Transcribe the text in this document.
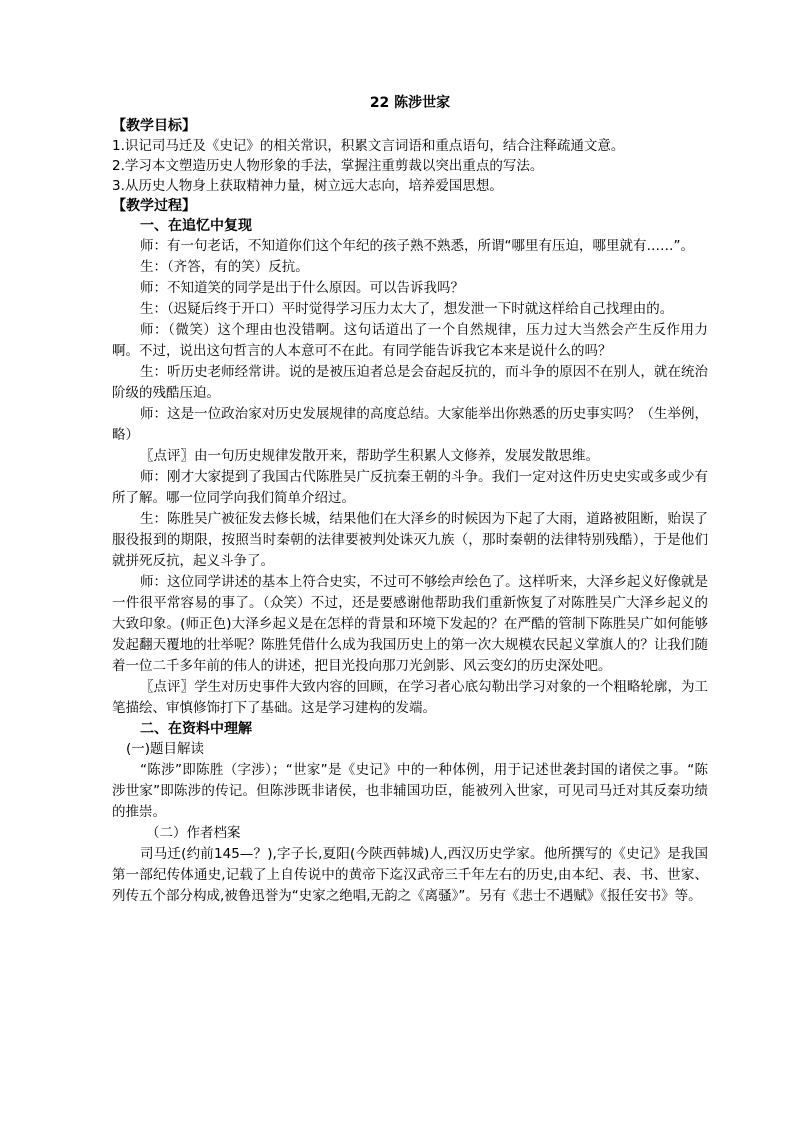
22 陈涉世家

【教学目标】

1.识记司马迁及《史记》的相关常识，积累文言词语和重点语句，结合注释疏通文意。

2.学习本文塑造历史人物形象的手法，掌握注重剪裁以突出重点的写法。

3.从历史人物身上获取精神力量，树立远大志向，培养爱国思想。

【教学过程】

一、在追忆中复现

师：有一句老话，不知道你们这个年纪的孩子熟不熟悉，所谓“哪里有压迫，哪里就有……”。

生：（齐答，有的笑）反抗。

师：不知道笑的同学是出于什么原因。可以告诉我吗？

生：（迟疑后终于开口）平时觉得学习压力太大了，想发泄一下时就这样给自己找理由的。

师：（微笑）这个理由也没错啊。这句话道出了一个自然规律，压力过大当然会产生反作用力啊。不过，说出这句哲言的人本意可不在此。有同学能告诉我它本来是说什么的吗？

生：听历史老师经常讲。说的是被压迫者总是会奋起反抗的，而斗争的原因不在别人，就在统治阶级的残酷压迫。

师：这是一位政治家对历史发展规律的高度总结。大家能举出你熟悉的历史事实吗？（生举例，略）

〖点评〗由一句历史规律发散开来，帮助学生积累人文修养，发展发散思维。

师：刚才大家提到了我国古代陈胜吴广反抗秦王朝的斗争。我们一定对这件历史史实或多或少有所了解。哪一位同学向我们简单介绍过。

生：陈胜吴广被征发去修长城，结果他们在大泽乡的时候因为下起了大雨，道路被阻断，贻误了服役报到的期限，按照当时秦朝的法律要被判处诛灭九族（，那时秦朝的法律特别残酷），于是他们就拼死反抗，起义斗争了。

师：这位同学讲述的基本上符合史实，不过可不够绘声绘色了。这样听来，大泽乡起义好像就是一件很平常容易的事了。（众笑）不过，还是要感谢他帮助我们重新恢复了对陈胜吴广大泽乡起义的大致印象。(师正色)大泽乡起义是在怎样的背景和环境下发起的？在严酷的管制下陈胜吴广如何能够发起翻天覆地的壮举呢？陈胜凭借什么成为我国历史上的第一次大规模农民起义掌旗人的？让我们随着一位二千多年前的伟人的讲述，把目光投向那刀光剑影、风云变幻的历史深处吧。

〖点评〗学生对历史事件大致内容的回顾，在学习者心底勾勒出学习对象的一个粗略轮廓，为工笔描绘、审慎修饰打下了基础。这是学习建构的发端。

二、在资料中理解

(一)题目解读

“陈涉”即陈胜（字涉）；“世家”是《史记》中的一种体例，用于记述世袭封国的诸侯之事。“陈涉世家”即陈涉的传记。但陈涉既非诸侯，也非辅国功臣，能被列入世家，可见司马迁对其反秦功绩的推崇。

（二）作者档案

司马迁(约前145—？),字子长,夏阳(今陕西韩城)人,西汉历史学家。他所撰写的《史记》是我国第一部纪传体通史,记载了上自传说中的黄帝下迄汉武帝三千年左右的历史,由本纪、表、书、世家、列传五个部分构成,被鲁迅誉为“史家之绝唱,无韵之《离骚》”。另有《悲士不遇赋》《报任安书》等。
